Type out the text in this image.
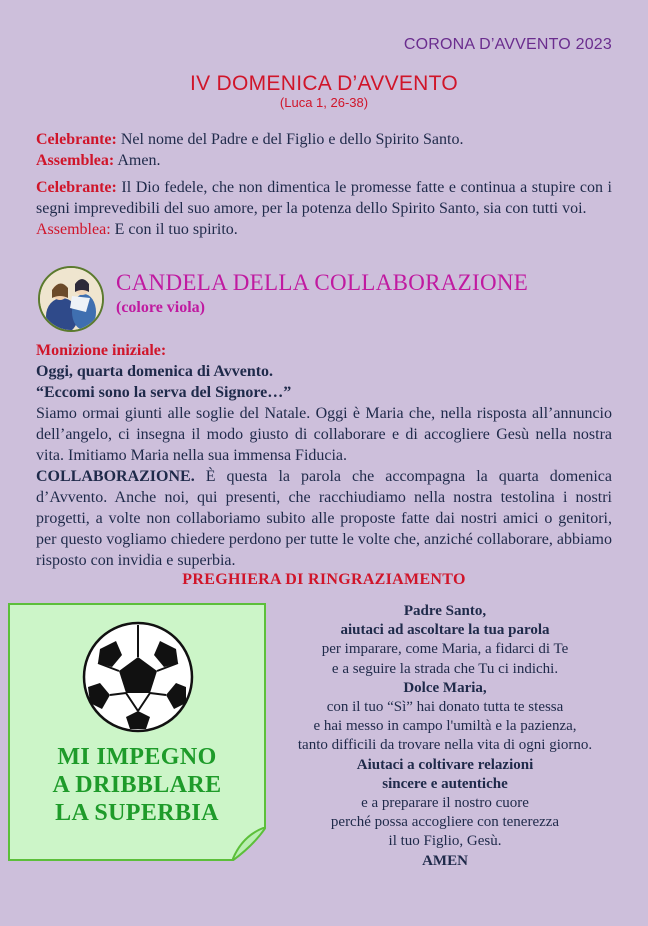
CORONA D’AVVENTO 2023
IV DOMENICA D’AVVENTO
(Luca 1, 26-38)
Celebrante: Nel nome del Padre e del Figlio e dello Spirito Santo.
Assemblea: Amen.
Celebrante: Il Dio fedele, che non dimentica le promesse fatte e continua a stupire con i segni imprevedibili del suo amore, per la potenza dello Spirito Santo, sia con tutti voi.
Assemblea: E con il tuo spirito.
CANDELA DELLA COLLABORAZIONE
(colore viola)
Monizione iniziale:
Oggi, quarta domenica di Avvento.
“Eccomi sono la serva del Signore…”
Siamo ormai giunti alle soglie del Natale. Oggi è Maria che, nella risposta all’annuncio dell’angelo, ci insegna il modo giusto di collaborare e di accogliere Gesù nella nostra vita. Imitiamo Maria nella sua immensa Fiducia.
COLLABORAZIONE. È questa la parola che accompagna la quarta domenica d’Avvento. Anche noi, qui presenti, che racchiudiamo nella nostra testolina i nostri progetti, a volte non collaboriamo subito alle proposte fatte dai nostri amici o genitori, per questo vogliamo chiedere perdono per tutte le volte che, anziché collaborare, abbiamo risposto con invidia e superbia.
PREGHIERA DI RINGRAZIAMENTO
MI IMPEGNO
A DRIBBLARE
LA SUPERBIA
Padre Santo,
aiutaci ad ascoltare la tua parola
per imparare, come Maria, a fidarci di Te
e a seguire la strada che Tu ci indichi.
Dolce Maria,
con il tuo “Sì” hai donato tutta te stessa
e hai messo in campo l'umiltà e la pazienza,
tanto difficili da trovare nella vita di ogni giorno.
Aiutaci a coltivare relazioni
sincere e autentiche
e a preparare il nostro cuore
perché possa accogliere con tenerezza
il tuo Figlio, Gesù.
AMEN
